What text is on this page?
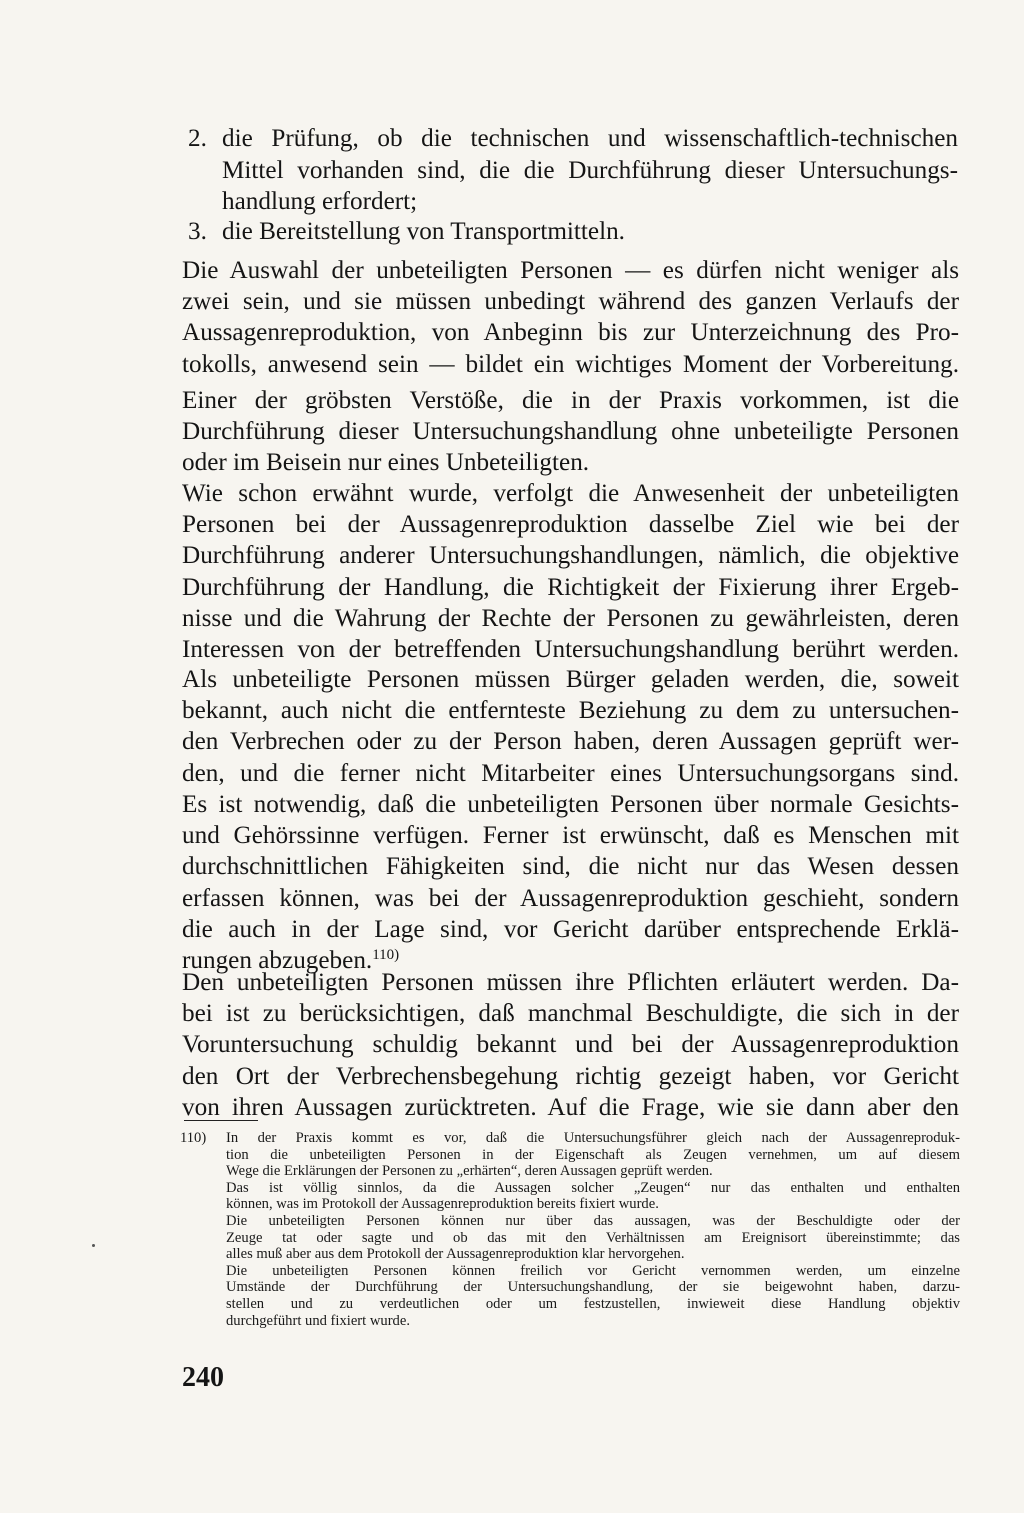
2. die Prüfung, ob die technischen und wissenschaftlich-technischen
Mittel vorhanden sind, die die Durchführung dieser Untersuchungs-
handlung erfordert;
3. die Bereitstellung von Transportmitteln.
Die Auswahl der unbeteiligten Personen — es dürfen nicht weniger als
zwei sein, und sie müssen unbedingt während des ganzen Verlaufs der
Aussagenreproduktion, von Anbeginn bis zur Unterzeichnung des Pro-
tokolls, anwesend sein — bildet ein wichtiges Moment der Vorbereitung.
Einer der gröbsten Verstöße, die in der Praxis vorkommen, ist die
Durchführung dieser Untersuchungshandlung ohne unbeteiligte Personen
oder im Beisein nur eines Unbeteiligten.
Wie schon erwähnt wurde, verfolgt die Anwesenheit der unbeteiligten
Personen bei der Aussagenreproduktion dasselbe Ziel wie bei der
Durchführung anderer Untersuchungshandlungen, nämlich, die objektive
Durchführung der Handlung, die Richtigkeit der Fixierung ihrer Ergeb-
nisse und die Wahrung der Rechte der Personen zu gewährleisten, deren
Interessen von der betreffenden Untersuchungshandlung berührt werden.
Als unbeteiligte Personen müssen Bürger geladen werden, die, soweit
bekannt, auch nicht die entfernteste Beziehung zu dem zu untersuchen-
den Verbrechen oder zu der Person haben, deren Aussagen geprüft wer-
den, und die ferner nicht Mitarbeiter eines Untersuchungsorgans sind.
Es ist notwendig, daß die unbeteiligten Personen über normale Gesichts-
und Gehörssinne verfügen. Ferner ist erwünscht, daß es Menschen mit
durchschnittlichen Fähigkeiten sind, die nicht nur das Wesen dessen
erfassen können, was bei der Aussagenreproduktion geschieht, sondern
die auch in der Lage sind, vor Gericht darüber entsprechende Erklä-
rungen abzugeben.$^{110)}$
Den unbeteiligten Personen müssen ihre Pflichten erläutert werden. Da-
bei ist zu berücksichtigen, daß manchmal Beschuldigte, die sich in der
Voruntersuchung schuldig bekannt und bei der Aussagenreproduktion
den Ort der Verbrechensbegehung richtig gezeigt haben, vor Gericht
von ihren Aussagen zurücktreten. Auf die Frage, wie sie dann aber den
110) In der Praxis kommt es vor, daß die Untersuchungsführer gleich nach der Aussagenreproduk-
tion die unbeteiligten Personen in der Eigenschaft als Zeugen vernehmen, um auf diesem
Wege die Erklärungen der Personen zu „erhärten“, deren Aussagen geprüft werden.
Das ist völlig sinnlos, da die Aussagen solcher „Zeugen“ nur das enthalten und enthalten
können, was im Protokoll der Aussagenreproduktion bereits fixiert wurde.
Die unbeteiligten Personen können nur über das aussagen, was der Beschuldigte oder der
Zeuge tat oder sagte und ob das mit den Verhältnissen am Ereignisort übereinstimmte; das
alles muß aber aus dem Protokoll der Aussagenreproduktion klar hervorgehen.
Die unbeteiligten Personen können freilich vor Gericht vernommen werden, um einzelne
Umstände der Durchführung der Untersuchungshandlung, der sie beigewohnt haben, darzu-
stellen und zu verdeutlichen oder um festzustellen, inwieweit diese Handlung objektiv
durchgeführt und fixiert wurde.
240
